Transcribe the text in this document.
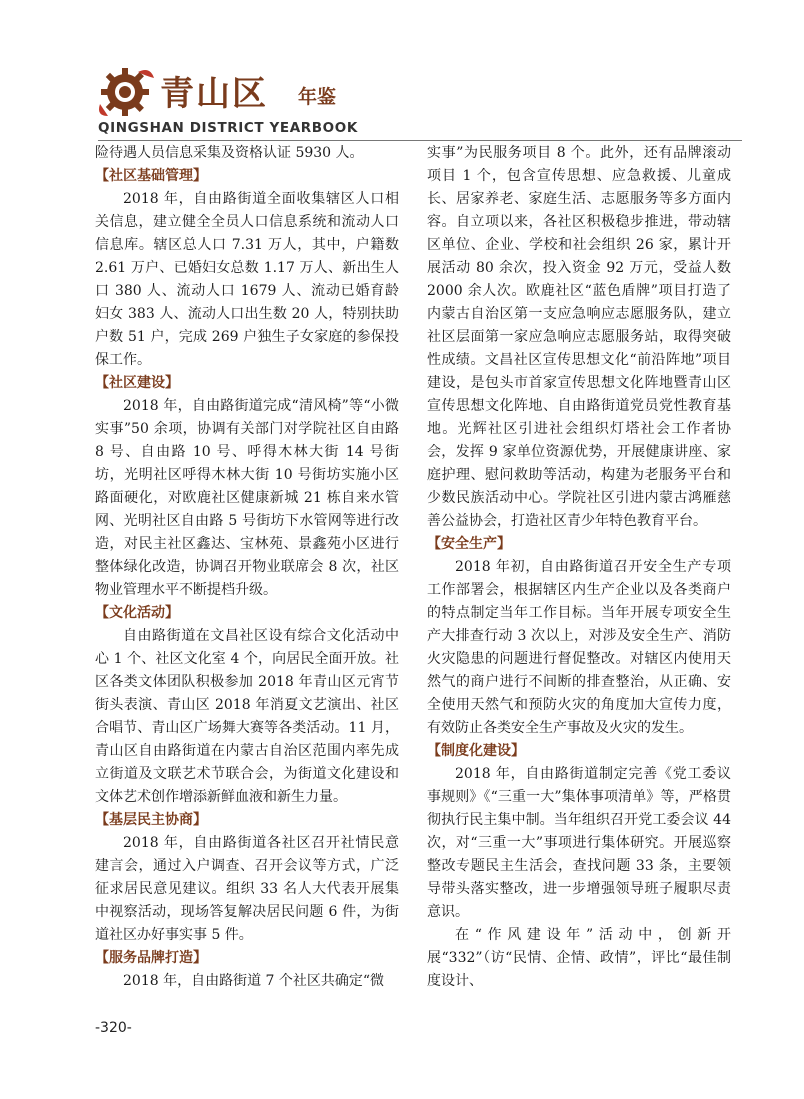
青山区 年鉴
QINGSHAN DISTRICT YEARBOOK

险待遇人员信息采集及资格认证 5930 人。

【社区基础管理】

2018 年，自由路街道全面收集辖区人口相关信息，建立健全全员人口信息系统和流动人口信息库。辖区总人口 7.31 万人，其中，户籍数 2.61 万户、已婚妇女总数 1.17 万人、新出生人口 380 人、流动人口 1679 人、流动已婚育龄妇女 383 人、流动人口出生数 20 人，特别扶助户数 51 户，完成 269 户独生子女家庭的参保投保工作。

【社区建设】

2018 年，自由路街道完成“清风椅”等“小微实事”50 余项，协调有关部门对学院社区自由路 8 号、自由路 10 号、呼得木林大街 14 号街坊，光明社区呼得木林大街 10 号街坊实施小区路面硬化，对欧鹿社区健康新城 21 栋自来水管网、光明社区自由路 5 号街坊下水管网等进行改造，对民主社区鑫达、宝林苑、景鑫苑小区进行整体绿化改造，协调召开物业联席会 8 次，社区物业管理水平不断提档升级。

【文化活动】

自由路街道在文昌社区设有综合文化活动中心 1 个、社区文化室 4 个，向居民全面开放。社区各类文体团队积极参加 2018 年青山区元宵节街头表演、青山区 2018 年消夏文艺演出、社区合唱节、青山区广场舞大赛等各类活动。11 月，青山区自由路街道在内蒙古自治区范围内率先成立街道及文联艺术节联合会，为街道文化建设和文体艺术创作增添新鲜血液和新生力量。

【基层民主协商】

2018 年，自由路街道各社区召开社情民意建言会，通过入户调查、召开会议等方式，广泛征求居民意见建议。组织 33 名人大代表开展集中视察活动，现场答复解决居民问题 6 件，为街道社区办好事实事 5 件。

【服务品牌打造】

2018 年，自由路街道 7 个社区共确定“微

实事”为民服务项目 8 个。此外，还有品牌滚动项目 1 个，包含宣传思想、应急救援、儿童成长、居家养老、家庭生活、志愿服务等多方面内容。自立项以来，各社区积极稳步推进，带动辖区单位、企业、学校和社会组织 26 家，累计开展活动 80 余次，投入资金 92 万元，受益人数 2000 余人次。欧鹿社区“蓝色盾牌”项目打造了内蒙古自治区第一支应急响应志愿服务队，建立社区层面第一家应急响应志愿服务站，取得突破性成绩。文昌社区宣传思想文化“前沿阵地”项目建设，是包头市首家宣传思想文化阵地暨青山区宣传思想文化阵地、自由路街道党员党性教育基地。光辉社区引进社会组织灯塔社会工作者协会，发挥 9 家单位资源优势，开展健康讲座、家庭护理、慰问救助等活动，构建为老服务平台和少数民族活动中心。学院社区引进内蒙古鸿雁慈善公益协会，打造社区青少年特色教育平台。

【安全生产】

2018 年初，自由路街道召开安全生产专项工作部署会，根据辖区内生产企业以及各类商户的特点制定当年工作目标。当年开展专项安全生产大排查行动 3 次以上，对涉及安全生产、消防火灾隐患的问题进行督促整改。对辖区内使用天然气的商户进行不间断的排查整治，从正确、安全使用天然气和预防火灾的角度加大宣传力度，有效防止各类安全生产事故及火灾的发生。

【制度化建设】

2018 年，自由路街道制定完善《党工委议事规则》《“三重一大”集体事项清单》等，严格贯彻执行民主集中制。当年组织召开党工委会议 44 次，对“三重一大”事项进行集体研究。开展巡察整改专题民主生活会，查找问题 33 条，主要领导带头落实整改，进一步增强领导班子履职尽责意识。

在“作风建设年”活动中，创新开展“332”（访“民情、企情、政情”，评比“最佳制度设计、

-320-
